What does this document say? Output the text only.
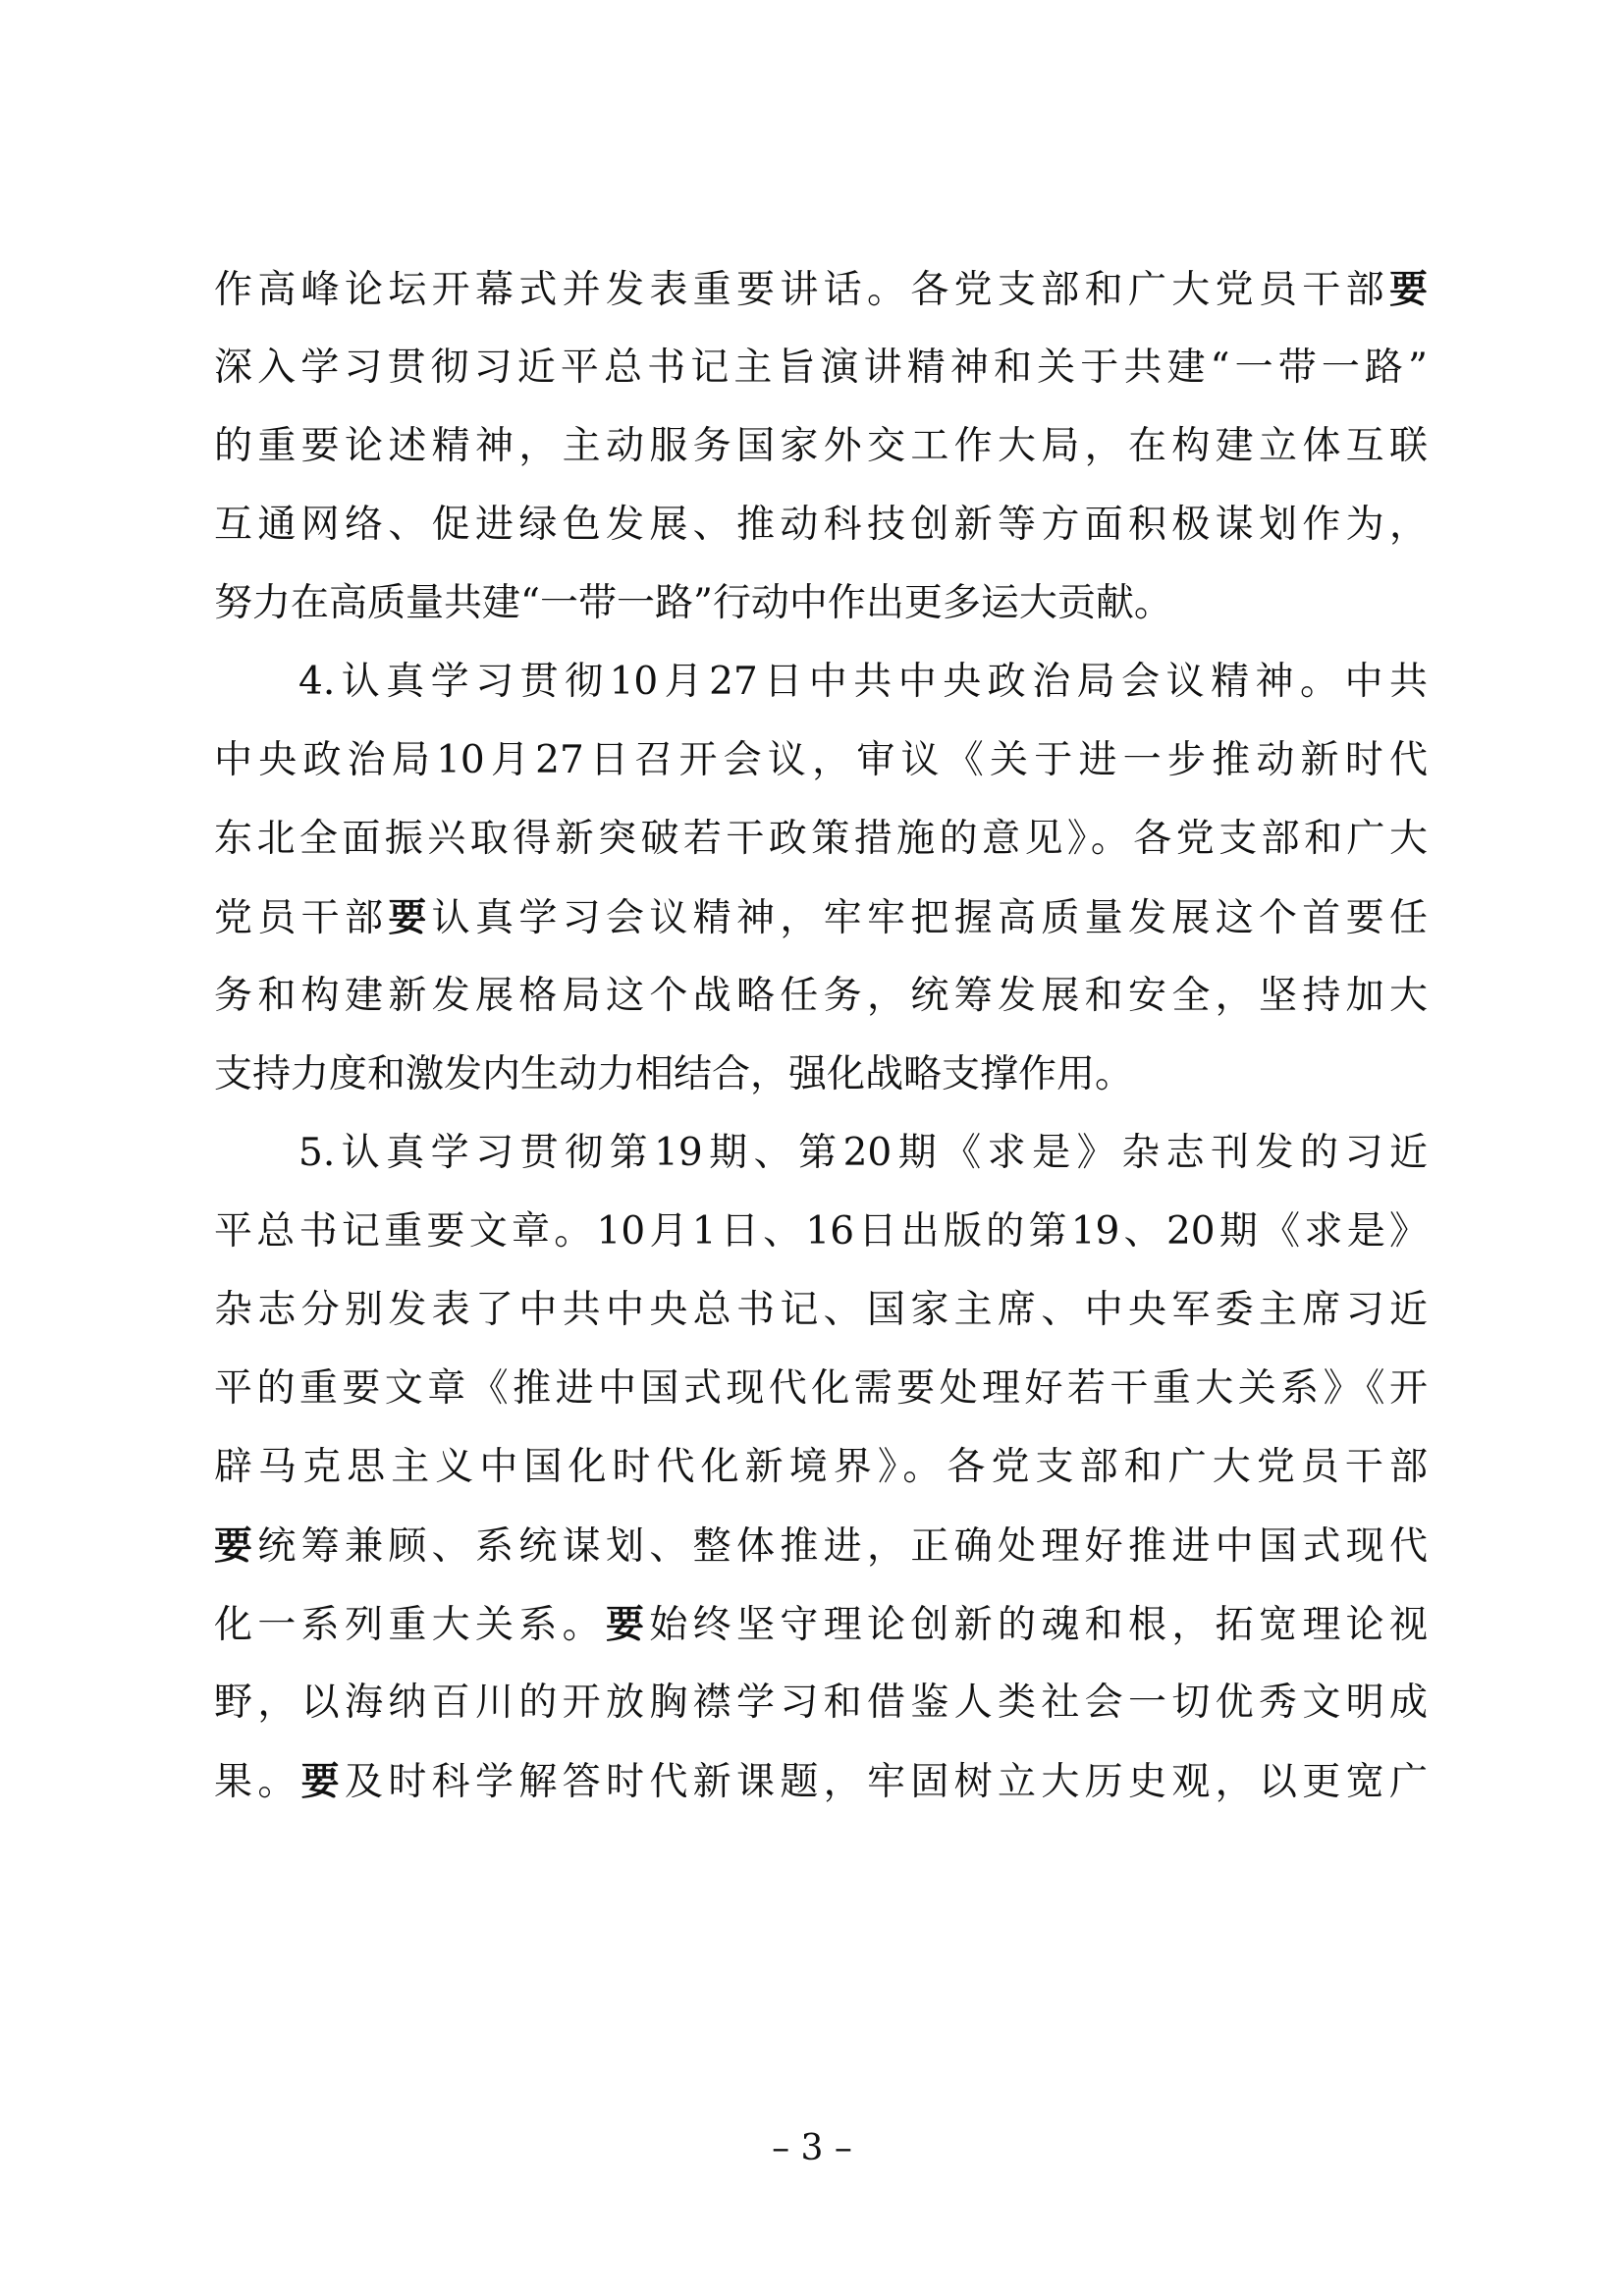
作高峰论坛开幕式并发表重要讲话。各党支部和广大党员干部要
深入学习贯彻习近平总书记主旨演讲精神和关于共建“一带一路”
的重要论述精神，主动服务国家外交工作大局，在构建立体互联
互通网络、促进绿色发展、推动科技创新等方面积极谋划作为，
努力在高质量共建“一带一路”行动中作出更多运大贡献。
4.认真学习贯彻10月27日中共中央政治局会议精神。中共
中央政治局10月27日召开会议，审议《关于进一步推动新时代
东北全面振兴取得新突破若干政策措施的意见》。各党支部和广大
党员干部要认真学习会议精神，牢牢把握高质量发展这个首要任
务和构建新发展格局这个战略任务，统筹发展和安全，坚持加大
支持力度和激发内生动力相结合，强化战略支撑作用。
5.认真学习贯彻第19期、第20期《求是》杂志刊发的习近
平总书记重要文章。10月1日、16日出版的第19、20期《求是》
杂志分别发表了中共中央总书记、国家主席、中央军委主席习近
平的重要文章《推进中国式现代化需要处理好若干重大关系》《开
辟马克思主义中国化时代化新境界》。各党支部和广大党员干部
要统筹兼顾、系统谋划、整体推进，正确处理好推进中国式现代
化一系列重大关系。要始终坚守理论创新的魂和根，拓宽理论视
野，以海纳百川的开放胸襟学习和借鉴人类社会一切优秀文明成
果。要及时科学解答时代新课题，牢固树立大历史观，以更宽广
– 3 –
